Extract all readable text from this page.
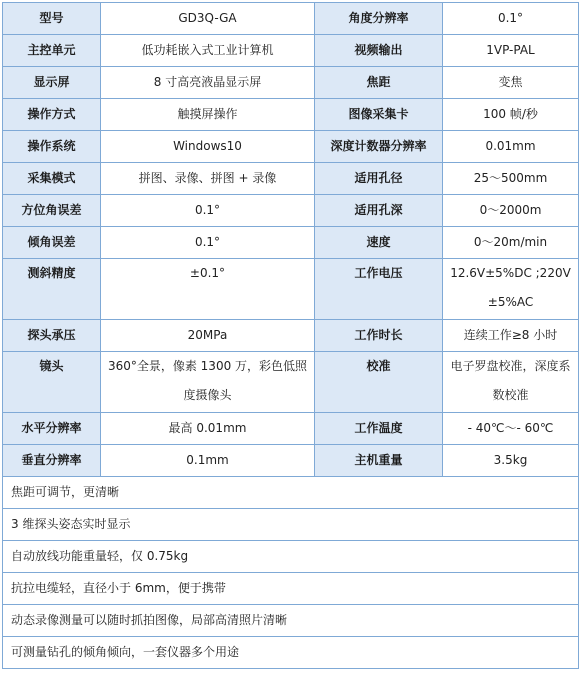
型号	GD3Q-GA	角度分辨率	0.1°
主控单元	低功耗嵌入式工业计算机	视频输出	1VP-PAL
显示屏	8 寸高亮液晶显示屏	焦距	变焦
操作方式	触摸屏操作	图像采集卡	100 帧/秒
操作系统	Windows10	深度计数器分辨率	0.01mm
采集模式	拼图、录像、拼图 + 录像	适用孔径	25～500mm
方位角误差	0.1°	适用孔深	0～2000m
倾角误差	0.1°	速度	0～20m/min
测斜精度	±0.1°	工作电压	12.6V±5%DC ;220V ±5%AC
探头承压	20MPa	工作时长	连续工作≥8 小时
镜头	360°全景，像素 1300 万，彩色低照度摄像头	校准	电子罗盘校准，深度系数校准
水平分辨率	最高 0.01mm	工作温度	- 40℃～- 60℃
垂直分辨率	0.1mm	主机重量	3.5kg
焦距可调节，更清晰			
3 维探头姿态实时显示			
自动放线功能重量轻，仅 0.75kg			
抗拉电缆轻，直径小于 6mm，便于携带			
动态录像测量可以随时抓拍图像，局部高清照片清晰			
可测量钻孔的倾角倾向，一套仪器多个用途			
